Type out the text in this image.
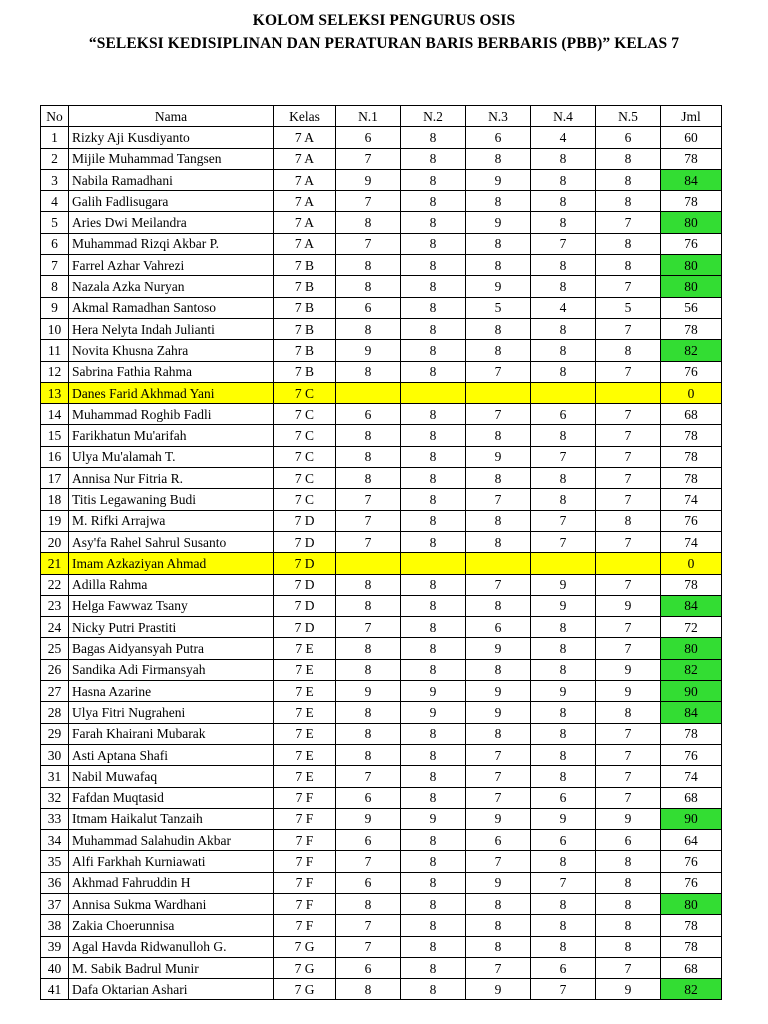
KOLOM SELEKSI PENGURUS OSIS
“SELEKSI KEDISIPLINAN DAN PERATURAN BARIS BERBARIS (PBB)” KELAS 7
No	Nama	Kelas	N.1	N.2	N.3	N.4	N.5	Jml
1	Rizky Aji Kusdiyanto	7 A	6	8	6	4	6	60
2	Mijile Muhammad Tangsen	7 A	7	8	8	8	8	78
3	Nabila Ramadhani	7 A	9	8	9	8	8	84
4	Galih Fadlisugara	7 A	7	8	8	8	8	78
5	Aries Dwi Meilandra	7 A	8	8	9	8	7	80
6	Muhammad Rizqi Akbar P.	7 A	7	8	8	7	8	76
7	Farrel Azhar Vahrezi	7 B	8	8	8	8	8	80
8	Nazala Azka Nuryan	7 B	8	8	9	8	7	80
9	Akmal Ramadhan Santoso	7 B	6	8	5	4	5	56
10	Hera Nelyta Indah Julianti	7 B	8	8	8	8	7	78
11	Novita Khusna Zahra	7 B	9	8	8	8	8	82
12	Sabrina Fathia Rahma	7 B	8	8	7	8	7	76
13	Danes Farid Akhmad Yani	7 C						0
14	Muhammad Roghib Fadli	7 C	6	8	7	6	7	68
15	Farikhatun Mu'arifah	7 C	8	8	8	8	7	78
16	Ulya Mu'alamah T.	7 C	8	8	9	7	7	78
17	Annisa Nur Fitria R.	7 C	8	8	8	8	7	78
18	Titis Legawaning Budi	7 C	7	8	7	8	7	74
19	M. Rifki Arrajwa	7 D	7	8	8	7	8	76
20	Asy'fa Rahel Sahrul Susanto	7 D	7	8	8	7	7	74
21	Imam Azkaziyan Ahmad	7 D						0
22	Adilla Rahma	7 D	8	8	7	9	7	78
23	Helga Fawwaz Tsany	7 D	8	8	8	9	9	84
24	Nicky Putri Prastiti	7 D	7	8	6	8	7	72
25	Bagas Aidyansyah Putra	7 E	8	8	9	8	7	80
26	Sandika Adi Firmansyah	7 E	8	8	8	8	9	82
27	Hasna Azarine	7 E	9	9	9	9	9	90
28	Ulya Fitri Nugraheni	7 E	8	9	9	8	8	84
29	Farah Khairani Mubarak	7 E	8	8	8	8	7	78
30	Asti Aptana Shafi	7 E	8	8	7	8	7	76
31	Nabil Muwafaq	7 E	7	8	7	8	7	74
32	Fafdan Muqtasid	7 F	6	8	7	6	7	68
33	Itmam Haikalut Tanzaih	7 F	9	9	9	9	9	90
34	Muhammad Salahudin Akbar	7 F	6	8	6	6	6	64
35	Alfi Farkhah Kurniawati	7 F	7	8	7	8	8	76
36	Akhmad Fahruddin H	7 F	6	8	9	7	8	76
37	Annisa Sukma Wardhani	7 F	8	8	8	8	8	80
38	Zakia Choerunnisa	7 F	7	8	8	8	8	78
39	Agal Havda Ridwanulloh G.	7 G	7	8	8	8	8	78
40	M. Sabik Badrul Munir	7 G	6	8	7	6	7	68
41	Dafa Oktarian Ashari	7 G	8	8	9	7	9	82
